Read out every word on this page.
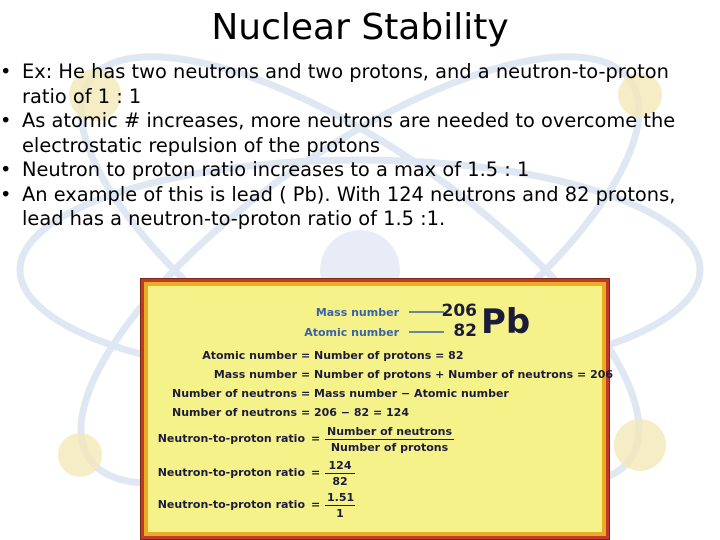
Nuclear Stability
• Ex: He has two neutrons and two protons, and a neutron-to-proton ratio of 1 : 1
• As atomic # increases, more neutrons are needed to overcome the electrostatic repulsion of the protons
• Neutron to proton ratio increases to a max of 1.5 : 1
• An example of this is lead ( Pb). With 124 neutrons and 82 protons, lead has a neutron-to-proton ratio of 1.5 :1.
Mass number
Atomic number
206
82 Pb
Atomic number = Number of protons = 82
Mass number = Number of protons + Number of neutrons = 206
Number of neutrons = Mass number − Atomic number
Number of neutrons = 206 − 82 = 124
Neutron-to-proton ratio =
Number of neutrons
Number of protons
Neutron-to-proton ratio = $\frac{124}{82}$
Neutron-to-proton ratio = $\frac{1.51}{1}$
